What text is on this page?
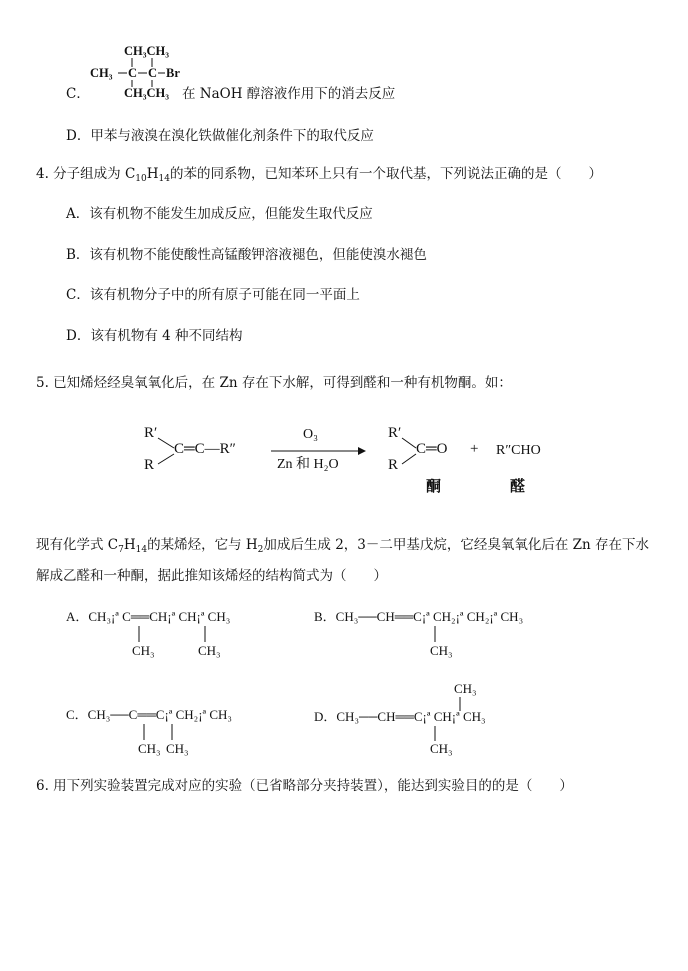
C．
CH₃CH₃
CH₃ C C Br
CH₃CH₃ 在 NaOH 醇溶液作用下的消去反应
D．甲苯与液溴在溴化铁做催化剂条件下的取代反应
4. 分子组成为 $C_{10}H_{14}$的苯的同系物，已知苯环上只有一个取代基，下列说法正确的是（　　）
A．该有机物不能发生加成反应，但能发生取代反应
B．该有机物不能使酸性高锰酸钾溶液褪色，但能使溴水褪色
C．该有机物分子中的所有原子可能在同一平面上
D．该有机物有 4 种不同结构
5. 已知烯烃经臭氧氧化后，在 Zn 存在下水解，可得到醛和一种有机物酮。如：
R′
R
C═C—R″
O₃
Zn 和 H₂O
R′
R
C═O + R″CHO
酮	醛
现有化学式 $C_7H_{14}$的某烯烃，它与 $H_2$加成后生成 2，3－二甲基戊烷，它经臭氧氧化后在 Zn 存在下水
解成乙醛和一种酮，据此推知该烯烃的结构简式为（　　）
A．CH₃¡ª C══CH¡ª CH¡ª CH₃
CH₃	CH₃
B．CH₃──CH══C¡ª CH₂¡ª CH₂¡ª CH₃
CH₃
C．CH₃──C══C¡ª CH₂¡ª CH₃
CH₃ CH₃
CH₃
D．CH₃──CH══C¡ª CH¡ª CH₃
CH₃
6. 用下列实验装置完成对应的实验（已省略部分夹持装置），能达到实验目的的是（　　）
